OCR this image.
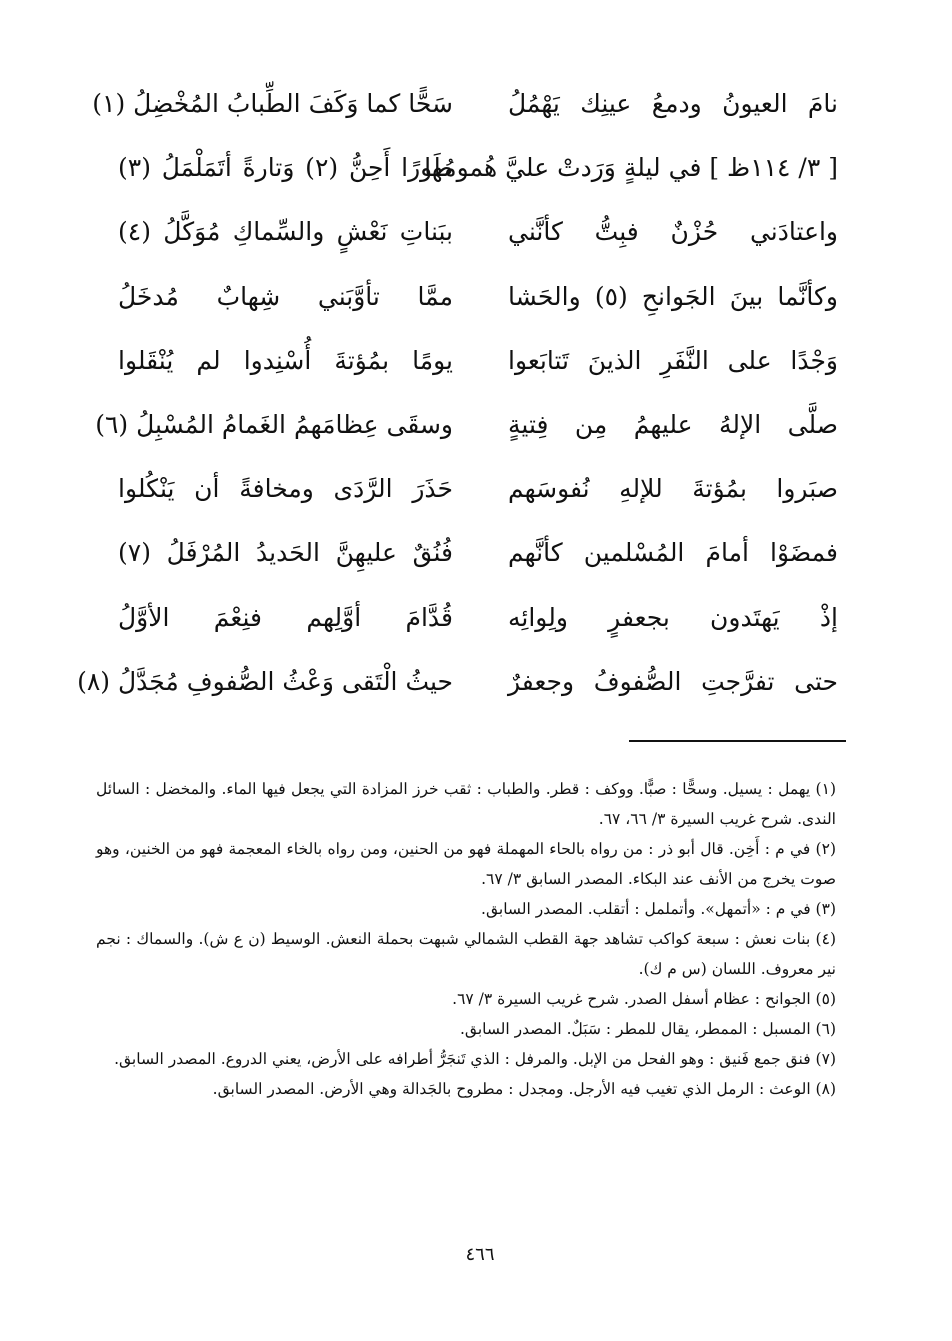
نامَ العيونُ ودمعُ عينِك يَهْمُلُ
سَحًّا كما وَكَفَ الطِّبابُ المُخْضِلُ (١)
[ ٣/ ١١٤ظ ] في ليلةٍ وَرَدتْ عليَّ هُمومُها
طَورًا أَحِنُّ (٢) وَتارةً أتَمَلْمَلُ (٣)
واعتادَني حُزْنٌ فبِتُّ كأنَّني
ببَناتِ نَعْشٍ والسِّماكِ مُوَكَّلُ (٤)
وكأنَّما بينَ الجَوانحِ (٥) والحَشا
ممَّا تأوَّبَني شِهابٌ مُدخَلُ
وَجْدًا على النَّفَرِ الذينَ تَتابَعوا
يومًا بمُؤتةَ أُسْنِدوا لم يُنْقَلوا
صلَّى الإلهُ عليهمُ مِن فِتيةٍ
وسقَى عِظامَهمُ الغَمامُ المُسْبِلُ (٦)
صبَروا بمُؤتةَ للإلهِ نُفوسَهم
حَذَرَ الرَّدَى ومخافةً أن يَنْكُلوا
فمضَوْا أمامَ المُسْلمين كأنَّهم
فُنُقٌ عليهِنَّ الحَديدُ المُرْفَلُ (٧)
إذْ يَهتَدون بجعفرٍ ولِوائِه
قُدَّامَ أوَّلِهم فنِعْمَ الأوَّلُ
حتى تفرَّجتِ الصُّفوفُ وجعفرٌ
حيثُ الْتَقى وَعْثُ الصُّفوفِ مُجَدَّلُ (٨)
(١) يهمل : يسيل. وسحًّا : صبًّا. ووكف : قطر. والطباب : ثقب خرز المزادة التي يجعل فيها الماء. والمخضل : السائل الندى. شرح غريب السيرة ٣/ ٦٦، ٦٧.
(٢) في م : أَخِن. قال أبو ذر : من رواه بالحاء المهملة فهو من الحنين، ومن رواه بالخاء المعجمة فهو من الخنين، وهو صوت يخرج من الأنف عند البكاء. المصدر السابق ٣/ ٦٧.
(٣) في م : «أتمهل». وأتململ : أتقلب. المصدر السابق.
(٤) بنات نعش : سبعة كواكب تشاهد جهة القطب الشمالي شبهت بحملة النعش. الوسيط (ن ع ش). والسماك : نجم نير معروف. اللسان (س م ك).
(٥) الجوانح : عظام أسفل الصدر. شرح غريب السيرة ٣/ ٦٧.
(٦) المسبل : الممطر، يقال للمطر : سَبَلٌ. المصدر السابق.
(٧) فنق جمع فَنيق : وهو الفحل من الإبل. والمرفل : الذي تَنجَرُّ أطرافه على الأرض، يعني الدروع. المصدر السابق.
(٨) الوعث : الرمل الذي تغيب فيه الأرجل. ومجدل : مطروح بالجَدالة وهي الأرض. المصدر السابق.
٤٦٦
